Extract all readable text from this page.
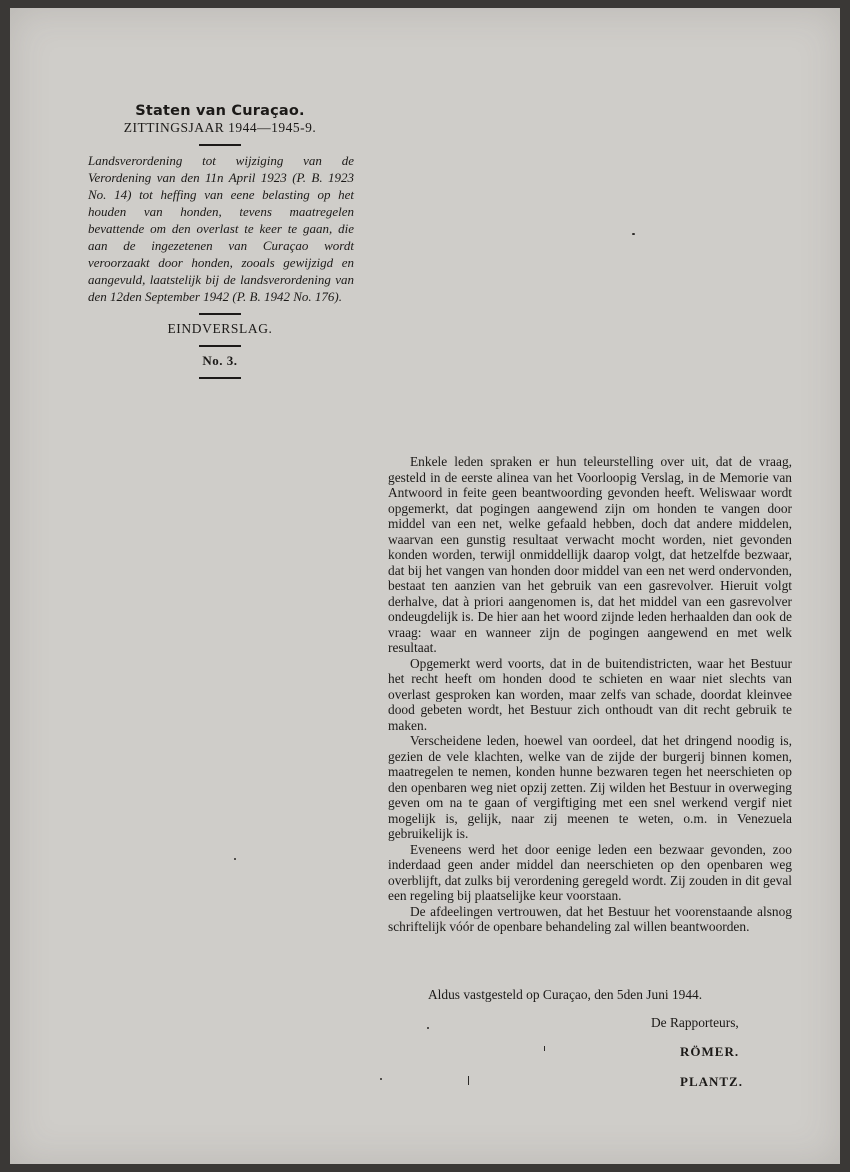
Staten van Curaçao.
ZITTINGSJAAR 1944—1945-9.

Landsverordening tot wijziging van de Verordening van den 11n April 1923 (P. B. 1923 No. 14) tot heffing van eene belasting op het houden van honden, tevens maatregelen bevattende om den overlast te keer te gaan, die aan de ingezetenen van Curaçao wordt veroorzaakt door honden, zooals gewijzigd en aangevuld, laatstelijk bij de landsverordening van den 12den September 1942 (P. B. 1942 No. 176).

EINDVERSLAG.
No. 3.

Enkele leden spraken er hun teleurstelling over uit, dat de vraag, gesteld in de eerste alinea van het Voorloopig Verslag, in de Memorie van Antwoord in feite geen beantwoording gevonden heeft. Weliswaar wordt opgemerkt, dat pogingen aangewend zijn om honden te vangen door middel van een net, welke gefaald hebben, doch dat andere middelen, waarvan een gunstig resultaat verwacht mocht worden, niet gevonden konden worden, terwijl onmiddellijk daarop volgt, dat hetzelfde bezwaar, dat bij het vangen van honden door middel van een net werd ondervonden, bestaat ten aanzien van het gebruik van een gasrevolver. Hieruit volgt derhalve, dat à priori aangenomen is, dat het middel van een gasrevolver ondeugdelijk is. De hier aan het woord zijnde leden herhaalden dan ook de vraag: waar en wanneer zijn de pogingen aangewend en met welk resultaat.

Opgemerkt werd voorts, dat in de buitendistricten, waar het Bestuur het recht heeft om honden dood te schieten en waar niet slechts van overlast gesproken kan worden, maar zelfs van schade, doordat kleinvee dood gebeten wordt, het Bestuur zich onthoudt van dit recht gebruik te maken.

Verscheidene leden, hoewel van oordeel, dat het dringend noodig is, gezien de vele klachten, welke van de zijde der burgerij binnen komen, maatregelen te nemen, konden hunne bezwaren tegen het neerschieten op den openbaren weg niet opzij zetten. Zij wilden het Bestuur in overweging geven om na te gaan of vergiftiging met een snel werkend vergif niet mogelijk is, gelijk, naar zij meenen te weten, o.m. in Venezuela gebruikelijk is.

Eveneens werd het door eenige leden een bezwaar gevonden, zoo inderdaad geen ander middel dan neerschieten op den openbaren weg overblijft, dat zulks bij verordening geregeld wordt. Zij zouden in dit geval een regeling bij plaatselijke keur voorstaan.

De afdeelingen vertrouwen, dat het Bestuur het voorenstaande alsnog schriftelijk vóór de openbare behandeling zal willen beantwoorden.

Aldus vastgesteld op Curaçao, den 5den Juni 1944.
De Rapporteurs,
RÖMER.
PLANTZ.
